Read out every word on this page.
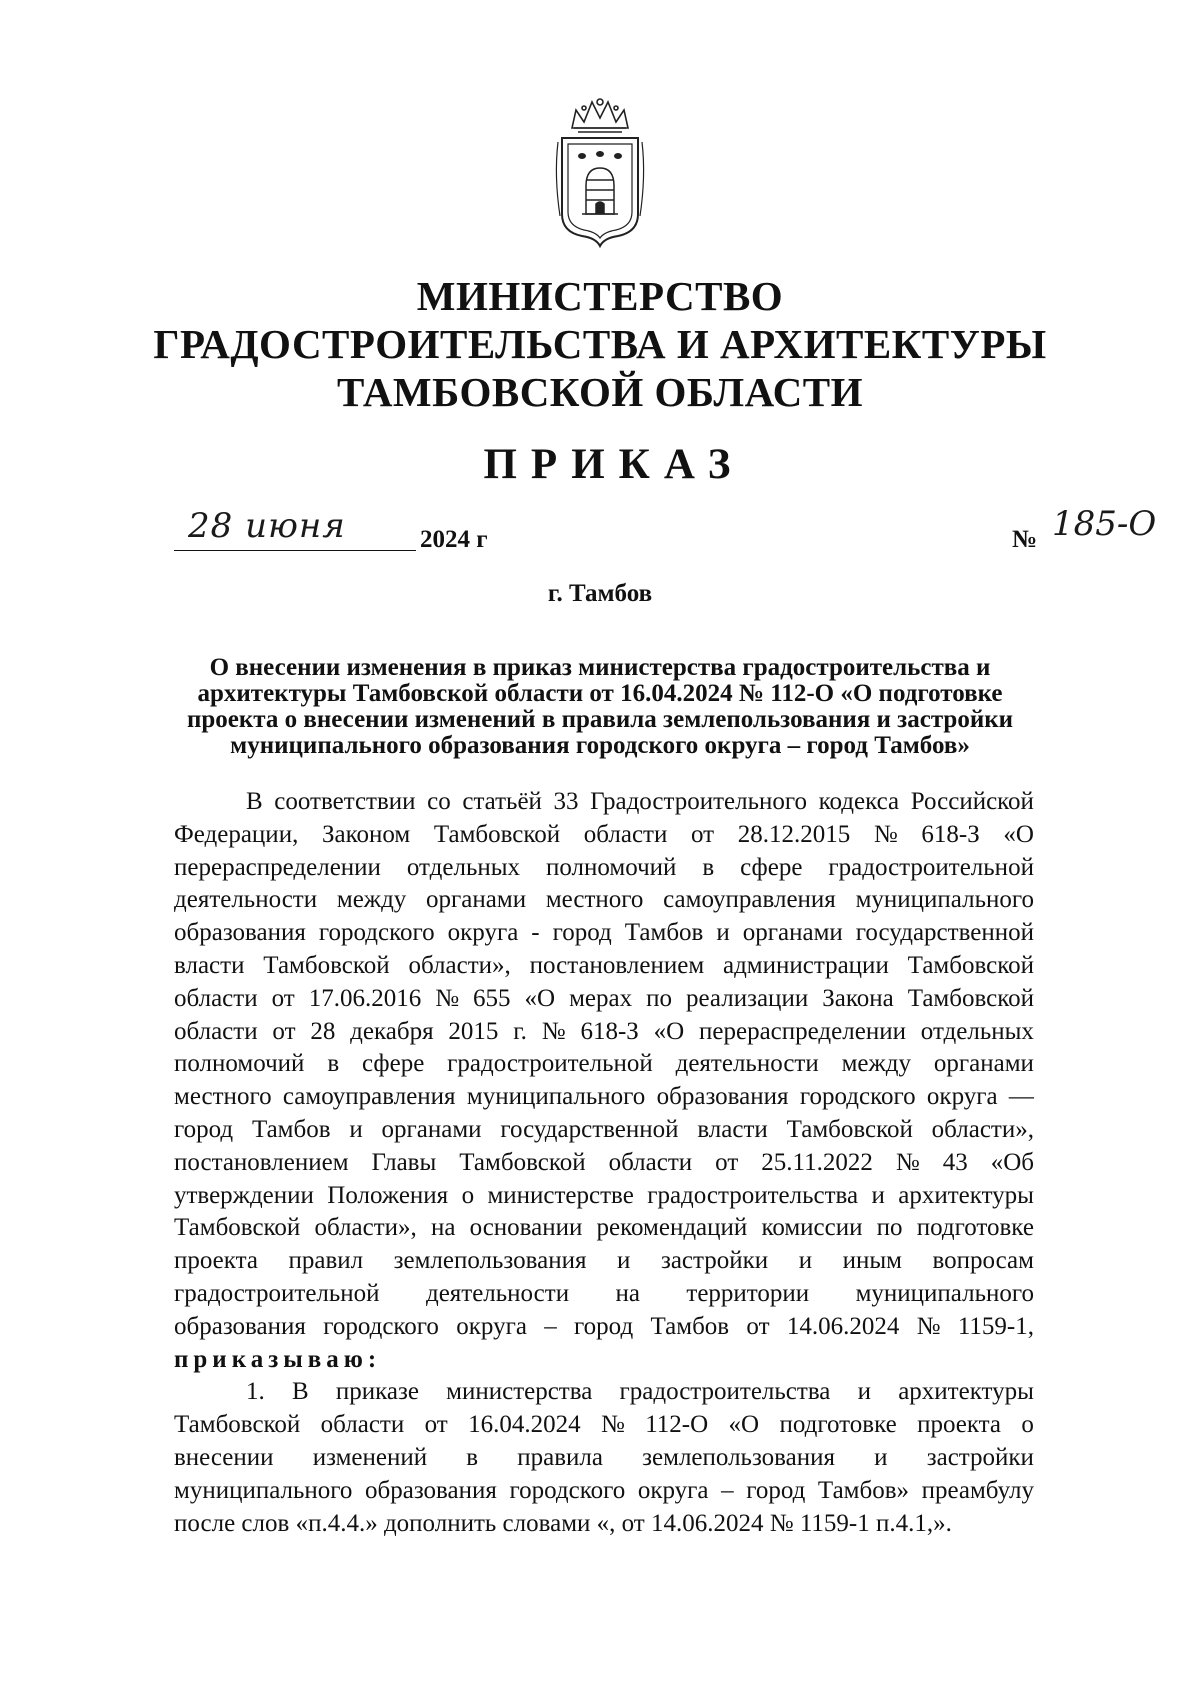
МИНИСТЕРСТВО
ГРАДОСТРОИТЕЛЬСТВА И АРХИТЕКТУРЫ
ТАМБОВСКОЙ ОБЛАСТИ
ПРИКАЗ
28 июня	2024 г	№ 185-О
г. Тамбов
О внесении изменения в приказ министерства градостроительства и
архитектуры Тамбовской области от 16.04.2024 № 112-О «О подготовке
проекта о внесении изменений в правила землепользования и застройки
муниципального образования городского округа – город Тамбов»
В соответствии со статьёй 33 Градостроительного кодекса Российской
Федерации, Законом Тамбовской области от 28.12.2015 № 618-З «О
перераспределении отдельных полномочий в сфере градостроительной
деятельности между органами местного самоуправления муниципального
образования городского округа - город Тамбов и органами государственной
власти Тамбовской области», постановлением администрации Тамбовской
области от 17.06.2016 № 655 «О мерах по реализации Закона Тамбовской
области от 28 декабря 2015 г. № 618-З «О перераспределении отдельных
полномочий в сфере градостроительной деятельности между органами
местного самоуправления муниципального образования городского округа —
город Тамбов и органами государственной власти Тамбовской области»,
постановлением Главы Тамбовской области от 25.11.2022 № 43 «Об
утверждении Положения о министерстве градостроительства и архитектуры
Тамбовской области», на основании рекомендаций комиссии по подготовке
проекта правил землепользования и застройки и иным вопросам
градостроительной деятельности на территории муниципального
образования городского округа – город Тамбов от 14.06.2024 № 1159-1,
приказываю:
1. В приказе министерства градостроительства и архитектуры
Тамбовской области от 16.04.2024 № 112-О «О подготовке проекта о
внесении изменений в правила землепользования и застройки
муниципального образования городского округа – город Тамбов» преамбулу
после слов «п.4.4.» дополнить словами «, от 14.06.2024 № 1159-1 п.4.1,».
